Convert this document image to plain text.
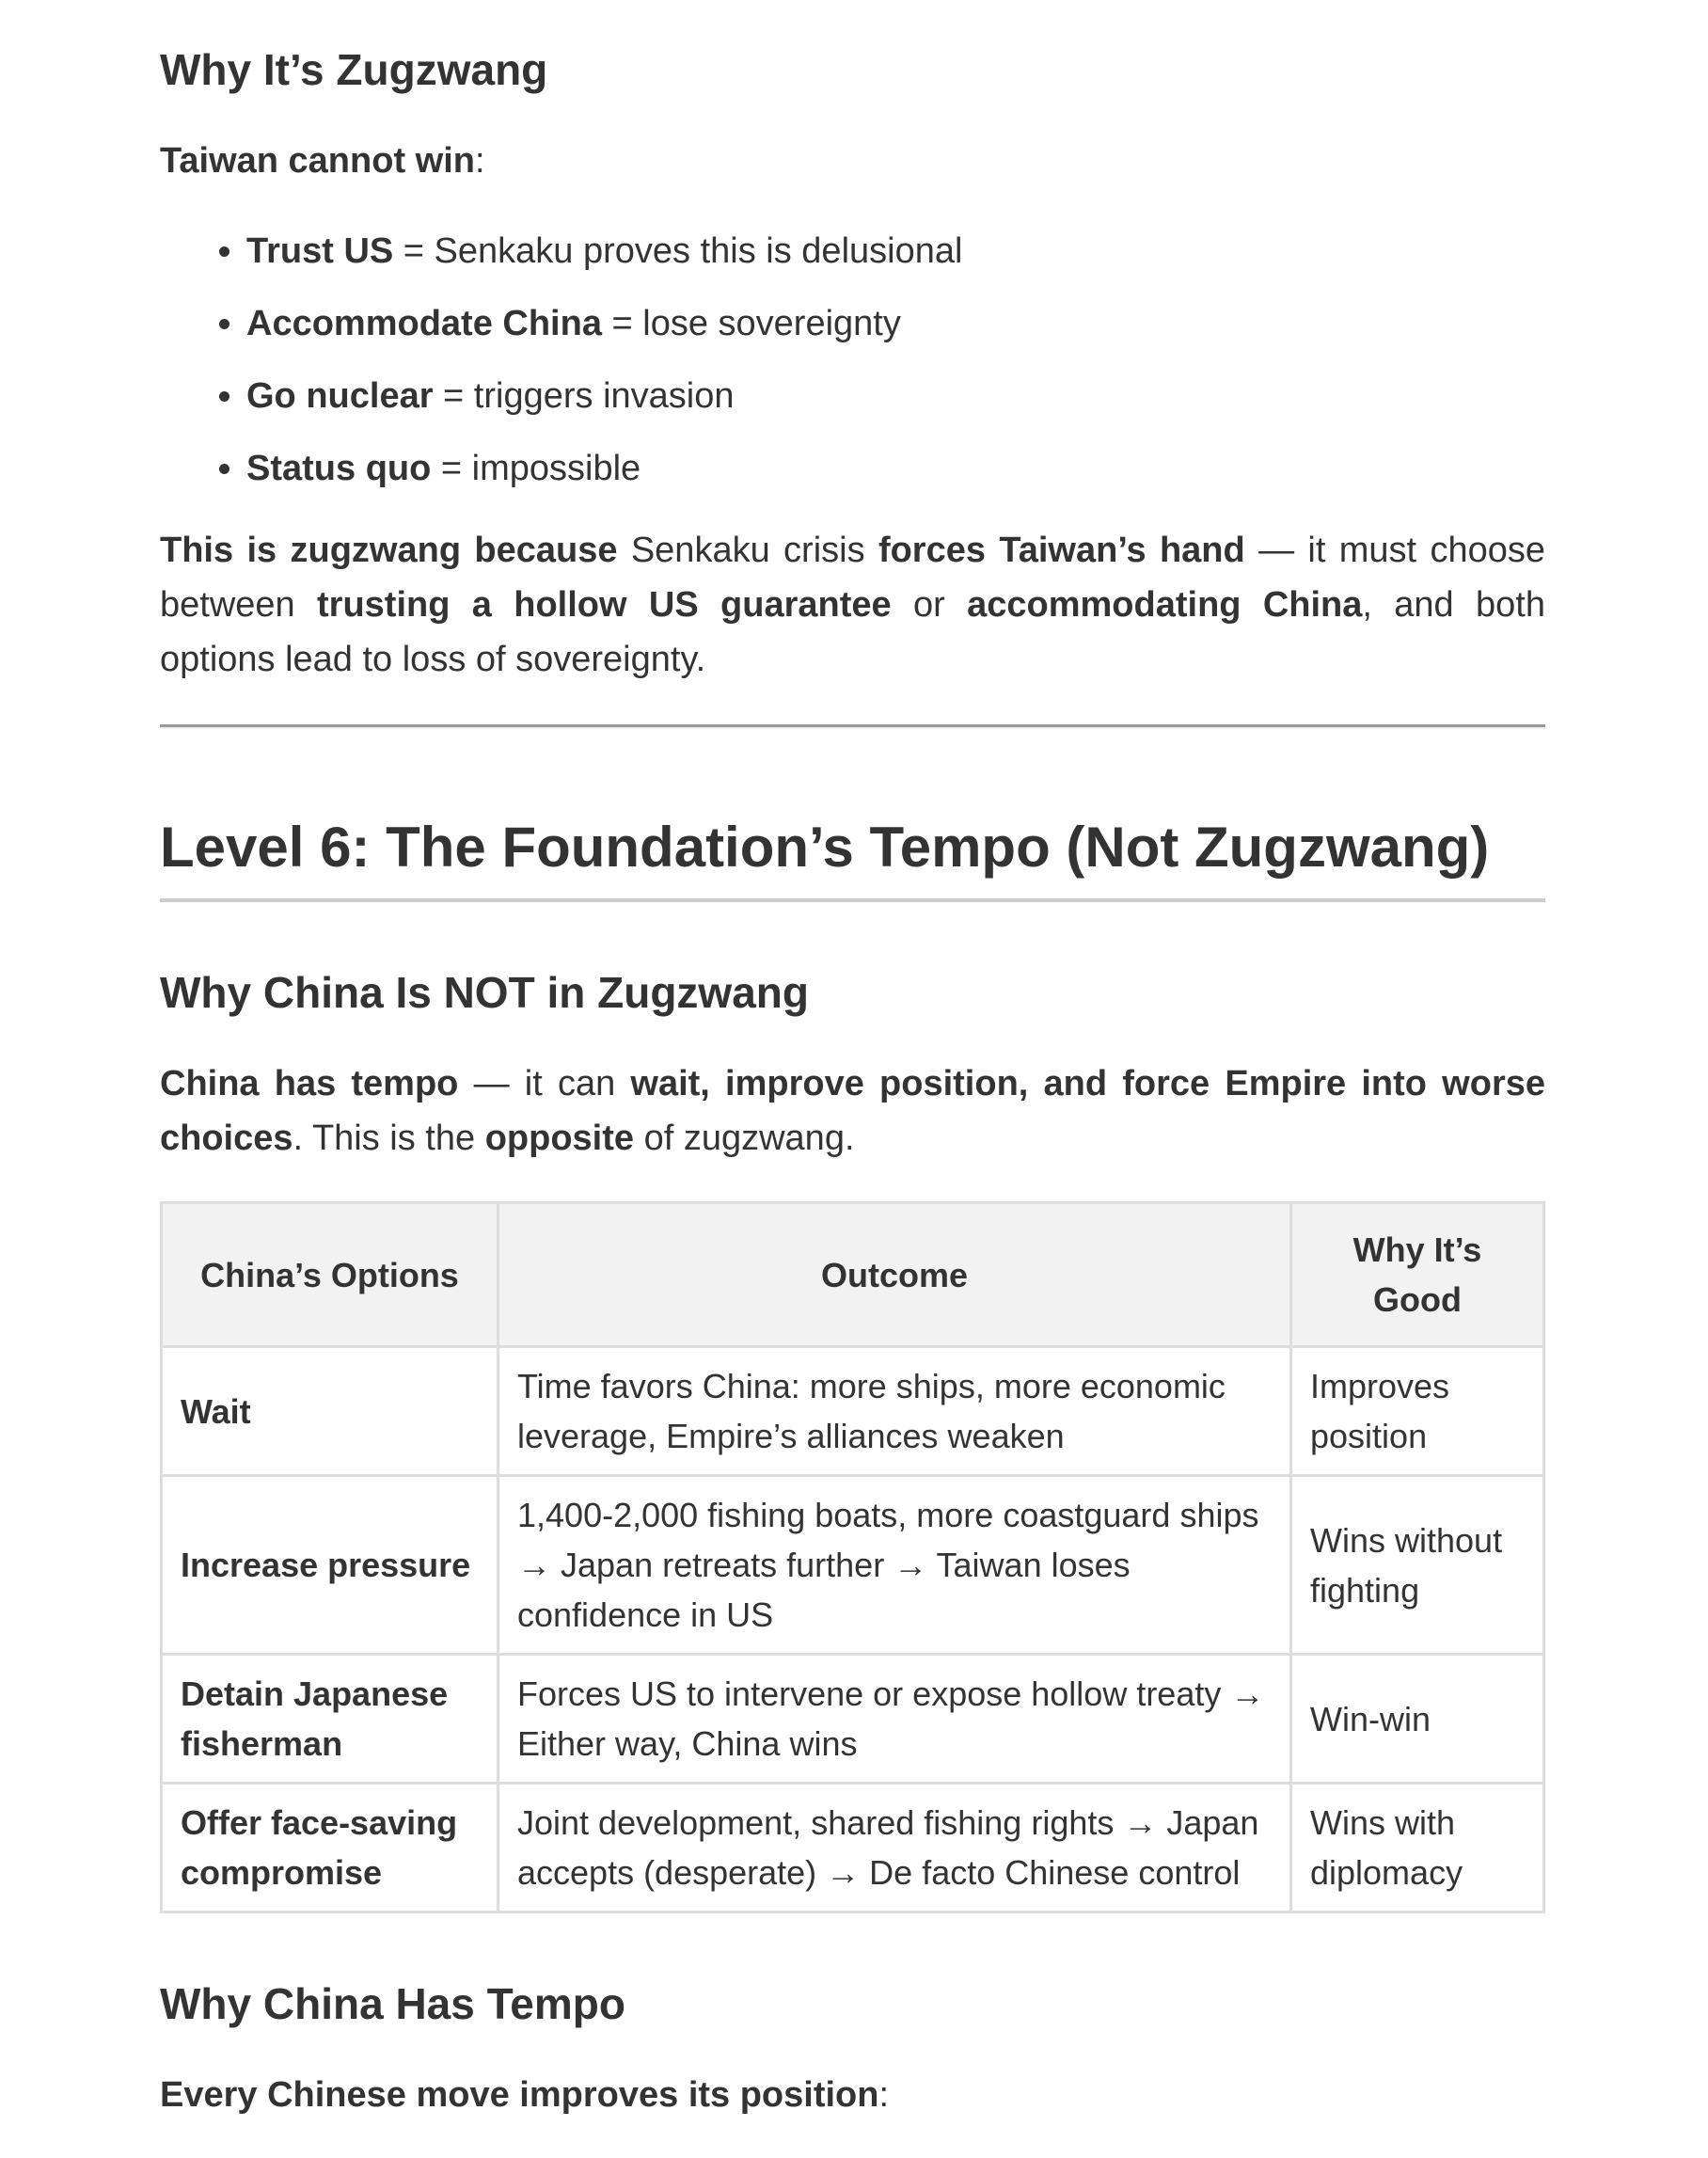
Why It’s Zugzwang

Taiwan cannot win:

• Trust US = Senkaku proves this is delusional
• Accommodate China = lose sovereignty
• Go nuclear = triggers invasion
• Status quo = impossible

This is zugzwang because Senkaku crisis forces Taiwan’s hand — it must choose between trusting a hollow US guarantee or accommodating China, and both options lead to loss of sovereignty.

Level 6: The Foundation’s Tempo (Not Zugzwang)
Why China Is NOT in Zugzwang

China has tempo — it can wait, improve position, and force Empire into worse choices. This is the opposite of zugzwang.

China’s Options	Outcome	Why It’s Good
Wait	Time favors China: more ships, more economic leverage, Empire’s alliances weaken	Improves position
Increase pressure	1,400-2,000 fishing boats, more coastguard ships → Japan retreats further → Taiwan loses confidence in US	Wins without fighting
Detain Japanese fisherman	Forces US to intervene or expose hollow treaty → Either way, China wins	Win-win
Offer face-saving compromise	Joint development, shared fishing rights → Japan accepts (desperate) → De facto Chinese control	Wins with diplomacy
Why China Has Tempo

Every Chinese move improves its position:
